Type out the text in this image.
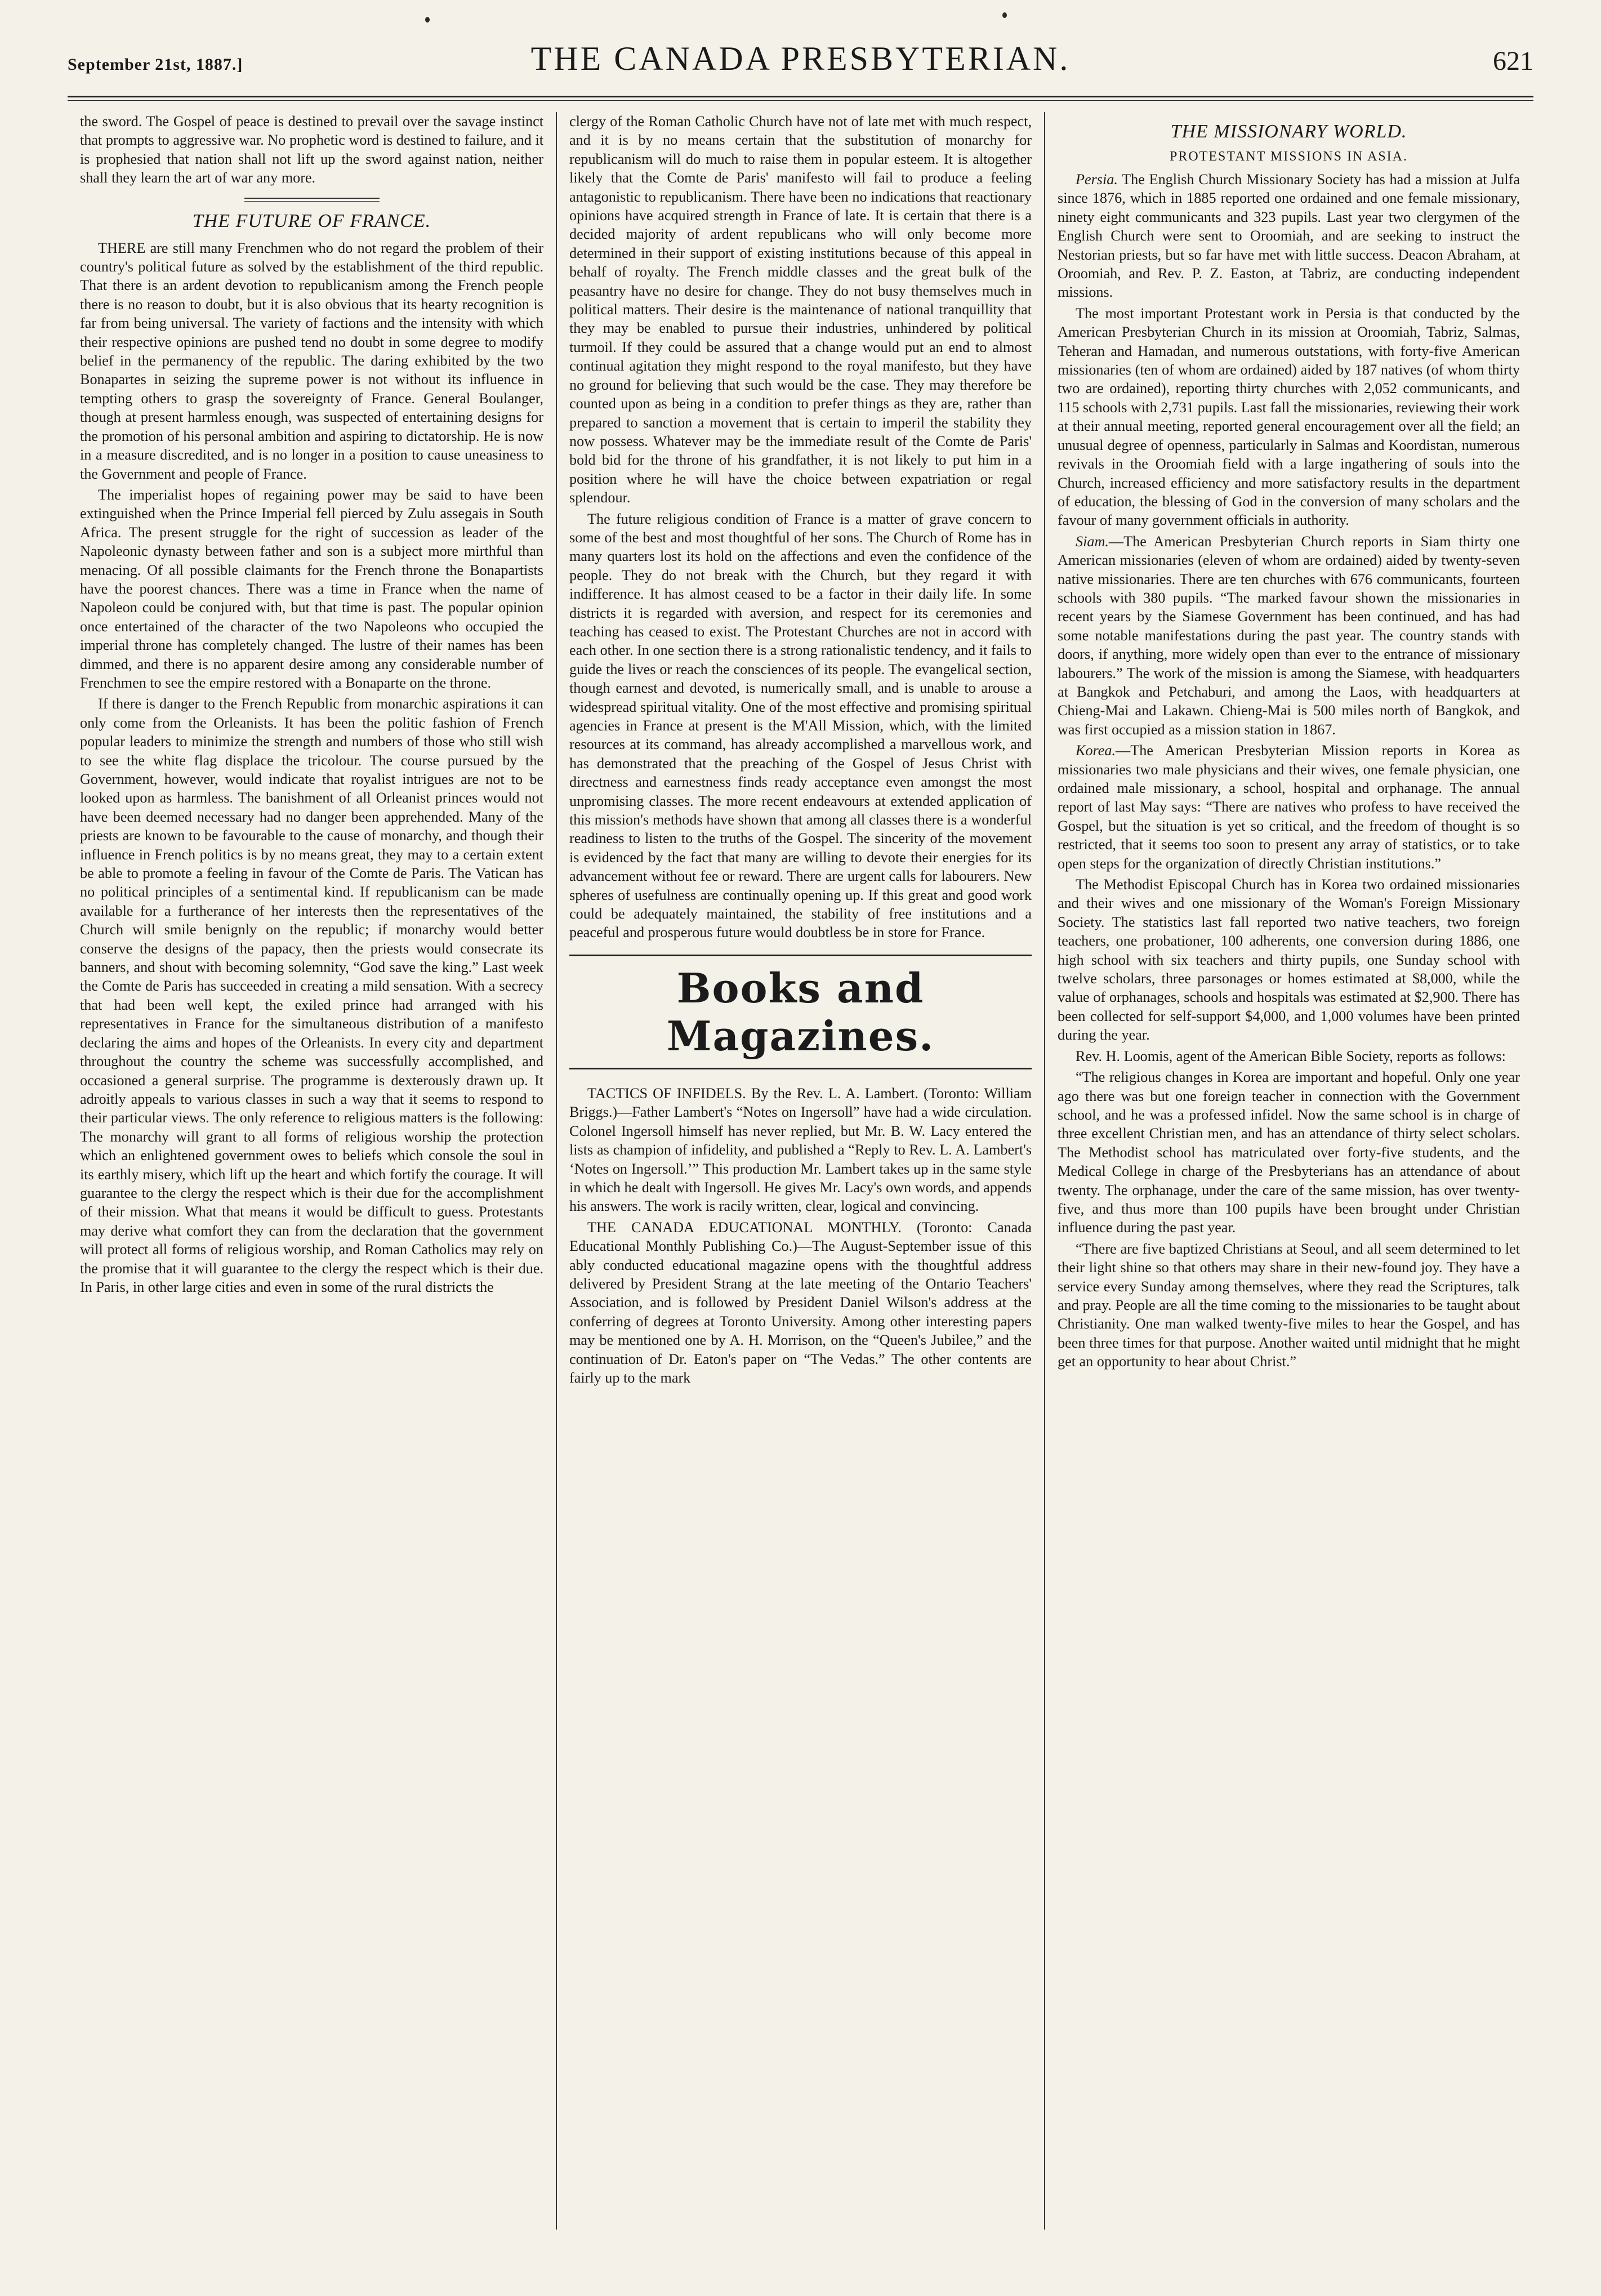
September 21st, 1887.]	THE CANADA PRESBYTERIAN.	621

the sword. The Gospel of peace is destined to prevail over the savage instinct that prompts to aggressive war. No prophetic word is destined to failure, and it is prophesied that nation shall not lift up the sword against nation, neither shall they learn the art of war any more.

THE FUTURE OF FRANCE.

THERE are still many Frenchmen who do not regard the problem of their country's political future as solved by the establishment of the third republic. That there is an ardent devotion to republicanism among the French people there is no reason to doubt, but it is also obvious that its hearty recognition is far from being universal. The variety of factions and the intensity with which their respective opinions are pushed tend no doubt in some degree to modify belief in the permanency of the republic. The daring exhibited by the two Bonapartes in seizing the supreme power is not without its influence in tempting others to grasp the sovereignty of France. General Boulanger, though at present harmless enough, was suspected of entertaining designs for the promotion of his personal ambition and aspiring to dictatorship. He is now in a measure discredited, and is no longer in a position to cause uneasiness to the Government and people of France.

The imperialist hopes of regaining power may be said to have been extinguished when the Prince Imperial fell pierced by Zulu assegais in South Africa. The present struggle for the right of succession as leader of the Napoleonic dynasty between father and son is a subject more mirthful than menacing. Of all possible claimants for the French throne the Bonapartists have the poorest chances. There was a time in France when the name of Napoleon could be conjured with, but that time is past. The popular opinion once entertained of the character of the two Napoleons who occupied the imperial throne has completely changed. The lustre of their names has been dimmed, and there is no apparent desire among any considerable number of Frenchmen to see the empire restored with a Bonaparte on the throne.

If there is danger to the French Republic from monarchic aspirations it can only come from the Orleanists. It has been the politic fashion of French popular leaders to minimize the strength and numbers of those who still wish to see the white flag displace the tricolour. The course pursued by the Government, however, would indicate that royalist intrigues are not to be looked upon as harmless. The banishment of all Orleanist princes would not have been deemed necessary had no danger been apprehended. Many of the priests are known to be favourable to the cause of monarchy, and though their influence in French politics is by no means great, they may to a certain extent be able to promote a feeling in favour of the Comte de Paris. The Vatican has no political principles of a sentimental kind. If republicanism can be made available for a furtherance of her interests then the representatives of the Church will smile benignly on the republic; if monarchy would better conserve the designs of the papacy, then the priests would consecrate its banners, and shout with becoming solemnity, “God save the king.” Last week the Comte de Paris has succeeded in creating a mild sensation. With a secrecy that had been well kept, the exiled prince had arranged with his representatives in France for the simultaneous distribution of a manifesto declaring the aims and hopes of the Orleanists. In every city and department throughout the country the scheme was successfully accomplished, and occasioned a general surprise. The programme is dexterously drawn up. It adroitly appeals to various classes in such a way that it seems to respond to their particular views. The only reference to religious matters is the following: The monarchy will grant to all forms of religious worship the protection which an enlightened government owes to beliefs which console the soul in its earthly misery, which lift up the heart and which fortify the courage. It will guarantee to the clergy the respect which is their due for the accomplishment of their mission. What that means it would be difficult to guess. Protestants may derive what comfort they can from the declaration that the government will protect all forms of religious worship, and Roman Catholics may rely on the promise that it will guarantee to the clergy the respect which is their due. In Paris, in other large cities and even in some of the rural districts the

clergy of the Roman Catholic Church have not of late met with much respect, and it is by no means certain that the substitution of monarchy for republicanism will do much to raise them in popular esteem. It is altogether likely that the Comte de Paris' manifesto will fail to produce a feeling antagonistic to republicanism. There have been no indications that reactionary opinions have acquired strength in France of late. It is certain that there is a decided majority of ardent republicans who will only become more determined in their support of existing institutions because of this appeal in behalf of royalty. The French middle classes and the great bulk of the peasantry have no desire for change. They do not busy themselves much in political matters. Their desire is the maintenance of national tranquillity that they may be enabled to pursue their industries, unhindered by political turmoil. If they could be assured that a change would put an end to almost continual agitation they might respond to the royal manifesto, but they have no ground for believing that such would be the case. They may therefore be counted upon as being in a condition to prefer things as they are, rather than prepared to sanction a movement that is certain to imperil the stability they now possess. Whatever may be the immediate result of the Comte de Paris' bold bid for the throne of his grandfather, it is not likely to put him in a position where he will have the choice between expatriation or regal splendour.

The future religious condition of France is a matter of grave concern to some of the best and most thoughtful of her sons. The Church of Rome has in many quarters lost its hold on the affections and even the confidence of the people. They do not break with the Church, but they regard it with indifference. It has almost ceased to be a factor in their daily life. In some districts it is regarded with aversion, and respect for its ceremonies and teaching has ceased to exist. The Protestant Churches are not in accord with each other. In one section there is a strong rationalistic tendency, and it fails to guide the lives or reach the consciences of its people. The evangelical section, though earnest and devoted, is numerically small, and is unable to arouse a widespread spiritual vitality. One of the most effective and promising spiritual agencies in France at present is the M'All Mission, which, with the limited resources at its command, has already accomplished a marvellous work, and has demonstrated that the preaching of the Gospel of Jesus Christ with directness and earnestness finds ready acceptance even amongst the most unpromising classes. The more recent endeavours at extended application of this mission's methods have shown that among all classes there is a wonderful readiness to listen to the truths of the Gospel. The sincerity of the movement is evidenced by the fact that many are willing to devote their energies for its advancement without fee or reward. There are urgent calls for labourers. New spheres of usefulness are continually opening up. If this great and good work could be adequately maintained, the stability of free institutions and a peaceful and prosperous future would doubtless be in store for France.

Books and Magazines.

TACTICS OF INFIDELS. By the Rev. L. A. Lambert. (Toronto: William Briggs.)—Father Lambert's “Notes on Ingersoll” have had a wide circulation. Colonel Ingersoll himself has never replied, but Mr. B. W. Lacy entered the lists as champion of infidelity, and published a “Reply to Rev. L. A. Lambert's ‘Notes on Ingersoll.’” This production Mr. Lambert takes up in the same style in which he dealt with Ingersoll. He gives Mr. Lacy's own words, and appends his answers. The work is racily written, clear, logical and convincing.

THE CANADA EDUCATIONAL MONTHLY. (Toronto: Canada Educational Monthly Publishing Co.)—The August-September issue of this ably conducted educational magazine opens with the thoughtful address delivered by President Strang at the late meeting of the Ontario Teachers' Association, and is followed by President Daniel Wilson's address at the conferring of degrees at Toronto University. Among other interesting papers may be mentioned one by A. H. Morrison, on the “Queen's Jubilee,” and the continuation of Dr. Eaton's paper on “The Vedas.” The other contents are fairly up to the mark

THE MISSIONARY WORLD.
PROTESTANT MISSIONS IN ASIA.

Persia. The English Church Missionary Society has had a mission at Julfa since 1876, which in 1885 reported one ordained and one female missionary, ninety eight communicants and 323 pupils. Last year two clergymen of the English Church were sent to Oroomiah, and are seeking to instruct the Nestorian priests, but so far have met with little success. Deacon Abraham, at Oroomiah, and Rev. P. Z. Easton, at Tabriz, are conducting independent missions.

The most important Protestant work in Persia is that conducted by the American Presbyterian Church in its mission at Oroomiah, Tabriz, Salmas, Teheran and Hamadan, and numerous outstations, with forty-five American missionaries (ten of whom are ordained) aided by 187 natives (of whom thirty two are ordained), reporting thirty churches with 2,052 communicants, and 115 schools with 2,731 pupils. Last fall the missionaries, reviewing their work at their annual meeting, reported general encouragement over all the field; an unusual degree of openness, particularly in Salmas and Koordistan, numerous revivals in the Oroomiah field with a large ingathering of souls into the Church, increased efficiency and more satisfactory results in the department of education, the blessing of God in the conversion of many scholars and the favour of many government officials in authority.

Siam.—The American Presbyterian Church reports in Siam thirty one American missionaries (eleven of whom are ordained) aided by twenty-seven native missionaries. There are ten churches with 676 communicants, fourteen schools with 380 pupils. “The marked favour shown the missionaries in recent years by the Siamese Government has been continued, and has had some notable manifestations during the past year. The country stands with doors, if anything, more widely open than ever to the entrance of missionary labourers.” The work of the mission is among the Siamese, with headquarters at Bangkok and Petchaburi, and among the Laos, with headquarters at Chieng-Mai and Lakawn. Chieng-Mai is 500 miles north of Bangkok, and was first occupied as a mission station in 1867.

Korea.—The American Presbyterian Mission reports in Korea as missionaries two male physicians and their wives, one female physician, one ordained male missionary, a school, hospital and orphanage. The annual report of last May says: “There are natives who profess to have received the Gospel, but the situation is yet so critical, and the freedom of thought is so restricted, that it seems too soon to present any array of statistics, or to take open steps for the organization of directly Christian institutions.”

The Methodist Episcopal Church has in Korea two ordained missionaries and their wives and one missionary of the Woman's Foreign Missionary Society. The statistics last fall reported two native teachers, two foreign teachers, one probationer, 100 adherents, one conversion during 1886, one high school with six teachers and thirty pupils, one Sunday school with twelve scholars, three parsonages or homes estimated at $8,000, while the value of orphanages, schools and hospitals was estimated at $2,900. There has been collected for self-support $4,000, and 1,000 volumes have been printed during the year.

Rev. H. Loomis, agent of the American Bible Society, reports as follows:

“The religious changes in Korea are important and hopeful. Only one year ago there was but one foreign teacher in connection with the Government school, and he was a professed infidel. Now the same school is in charge of three excellent Christian men, and has an attendance of thirty select scholars. The Methodist school has matriculated over forty-five students, and the Medical College in charge of the Presbyterians has an attendance of about twenty. The orphanage, under the care of the same mission, has over twenty-five, and thus more than 100 pupils have been brought under Christian influence during the past year.

“There are five baptized Christians at Seoul, and all seem determined to let their light shine so that others may share in their new-found joy. They have a service every Sunday among themselves, where they read the Scriptures, talk and pray. People are all the time coming to the missionaries to be taught about Christianity. One man walked twenty-five miles to hear the Gospel, and has been three times for that purpose. Another waited until midnight that he might get an opportunity to hear about Christ.”
